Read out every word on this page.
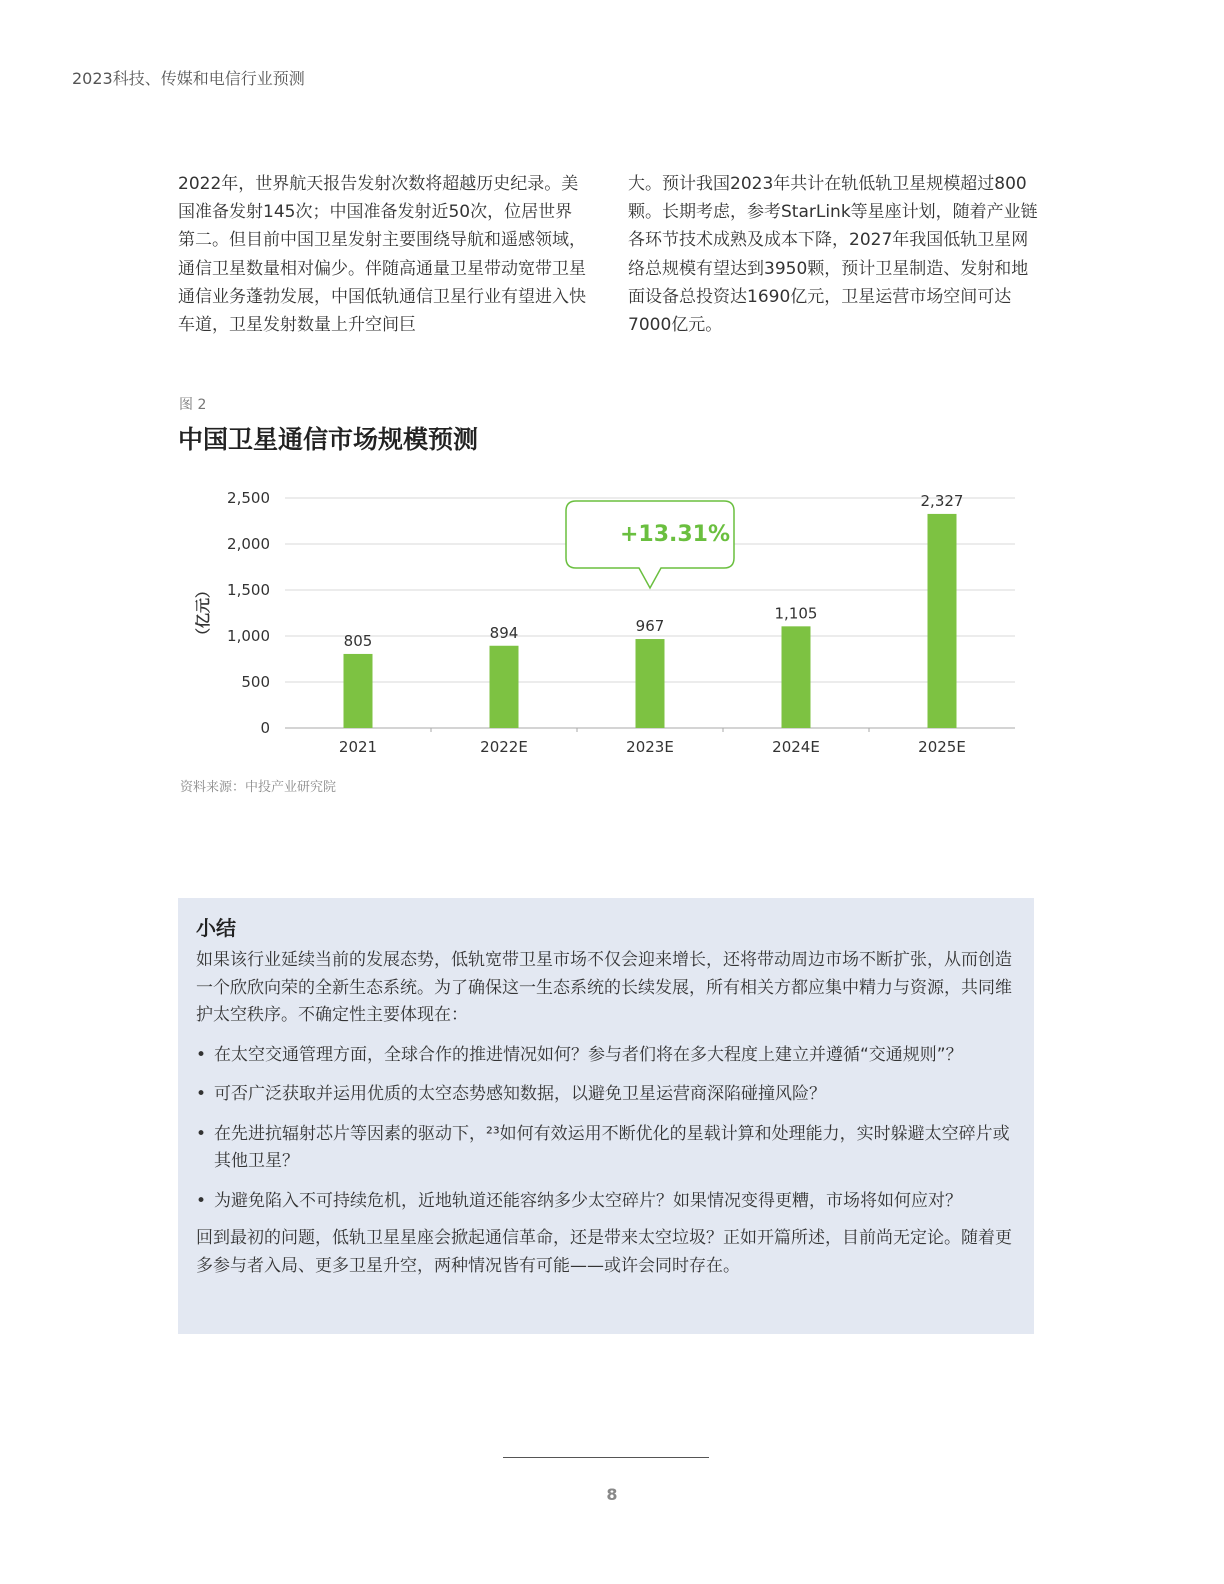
2023科技、传媒和电信行业预测
2022年，世界航天报告发射次数将超越历史纪录。美国准备发射145次；中国准备发射近50次，位居世界第二。但目前中国卫星发射主要围绕导航和遥感领域，通信卫星数量相对偏少。伴随高通量卫星带动宽带卫星通信业务蓬勃发展，中国低轨通信卫星行业有望进入快车道，卫星发射数量上升空间巨
大。预计我国2023年共计在轨低轨卫星规模超过800颗。长期考虑，参考StarLink等星座计划，随着产业链各环节技术成熟及成本下降，2027年我国低轨卫星网络总规模有望达到3950颗，预计卫星制造、发射和地面设备总投资达1690亿元，卫星运营市场空间可达7000亿元。
图 2
中国卫星通信市场规模预测
0
500
1,000
1,500
2,000
2,500
（亿元）	805
2021
894
2022E
967
2023E
1,105
2024E
2,327
2025E
+13.31%
资料来源：中投产业研究院
小结

如果该行业延续当前的发展态势，低轨宽带卫星市场不仅会迎来增长，还将带动周边市场不断扩张，从而创造一个欣欣向荣的全新生态系统。为了确保这一生态系统的长续发展，所有相关方都应集中精力与资源，共同维护太空秩序。不确定性主要体现在：

• 在太空交通管理方面，全球合作的推进情况如何？参与者们将在多大程度上建立并遵循“交通规则”？
• 可否广泛获取并运用优质的太空态势感知数据，以避免卫星运营商深陷碰撞风险？
• 在先进抗辐射芯片等因素的驱动下，²³如何有效运用不断优化的星载计算和处理能力，实时躲避太空碎片或其他卫星？
• 为避免陷入不可持续危机，近地轨道还能容纳多少太空碎片？如果情况变得更糟，市场将如何应对？

回到最初的问题，低轨卫星星座会掀起通信革命，还是带来太空垃圾？正如开篇所述，目前尚无定论。随着更多参与者入局、更多卫星升空，两种情况皆有可能——或许会同时存在。

8
